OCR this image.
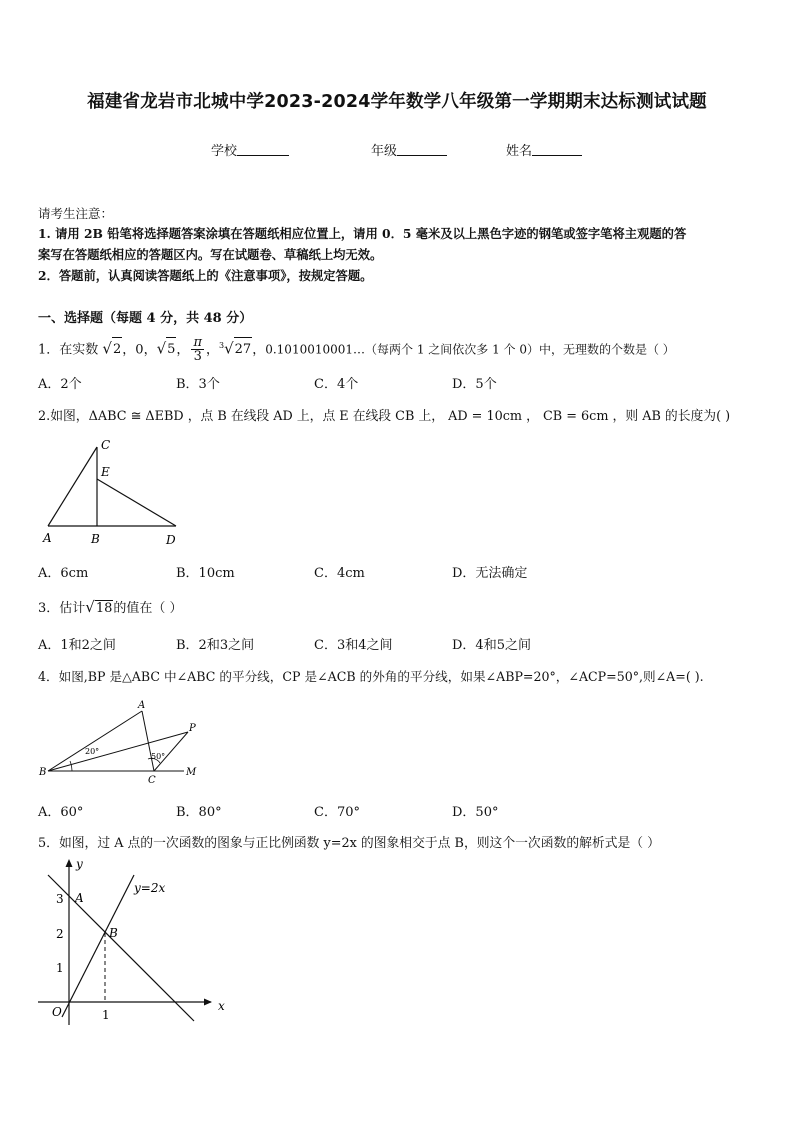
福建省龙岩市北城中学2023-2024学年数学八年级第一学期期末达标测试试题
学校	年级	姓名
请考生注意：
1. 请用 2B 铅笔将选择题答案涂填在答题纸相应位置上，请用 0．5 毫米及以上黑色字迹的钢笔或签字笔将主观题的答
案写在答题纸相应的答题区内。写在试题卷、草稿纸上均无效。
2．答题前，认真阅读答题纸上的《注意事项》，按规定答题。
一、选择题（每题 4 分，共 48 分）
1．在实数 √2，0，√5， $\frac{\pi}{3}$ ，$^3$√27，0.1010010001…（每两个 1 之间依次多 1 个 0）中，无理数的个数是（ ）
A．2个	B．3个	C．4个	D．5个
2.如图，ΔABC ≅ ΔEBD ，点 B 在线段 AD 上，点 E 在线段 CB 上， AD = 10cm ， CB = 6cm ，则 AB 的长度为( )
C
E
A	B	D
A．6cm	B．10cm	C．4cm	D．无法确定
3．估计√18的值在（ ）
A．1和2之间	B．2和3之间	C．3和4之间	D．4和5之间
4．如图,BP 是△ABC 中∠ABC 的平分线，CP 是∠ACB 的外角的平分线，如果∠ABP=20°，∠ACP=50°,则∠A=( ).
A
P
B
C
M
20°
50°
A．60°	B．80°	C．70°	D．50°
5．如图，过 A 点的一次函数的图象与正比例函数 y=2x 的图象相交于点 B，则这个一次函数的解析式是（ ）
y
x
O
A
B
y=2x
3
2
1
1
